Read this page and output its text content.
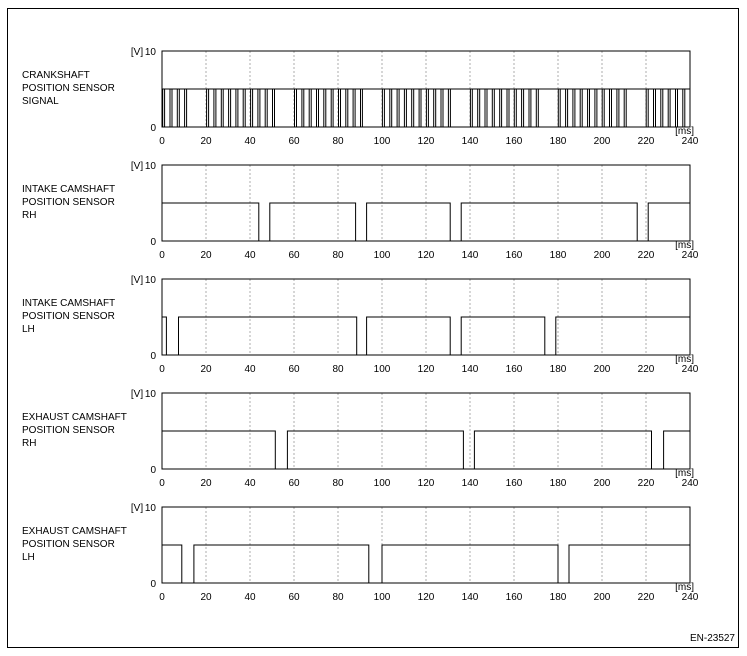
[V]
0
10
0	20	40	60	80	100	120	140	160	180	200	220	240
[ms]
CRANKSHAFT
POSITION SENSOR
SIGNAL
[V]
0
10
0	20	40	60	80	100	120	140	160	180	200	220	240
[ms]
INTAKE CAMSHAFT
POSITION SENSOR
RH
[V]
0
10
0	20	40	60	80	100	120	140	160	180	200	220	240
[ms]
INTAKE CAMSHAFT
POSITION SENSOR
LH
[V]
0
10
0	20	40	60	80	100	120	140	160	180	200	220	240
[ms]
EXHAUST CAMSHAFT
POSITION SENSOR
RH
[V]
0
10
0	20	40	60	80	100	120	140	160	180	200	220	240
[ms]
EXHAUST CAMSHAFT
POSITION SENSOR
LH
EN-23527
